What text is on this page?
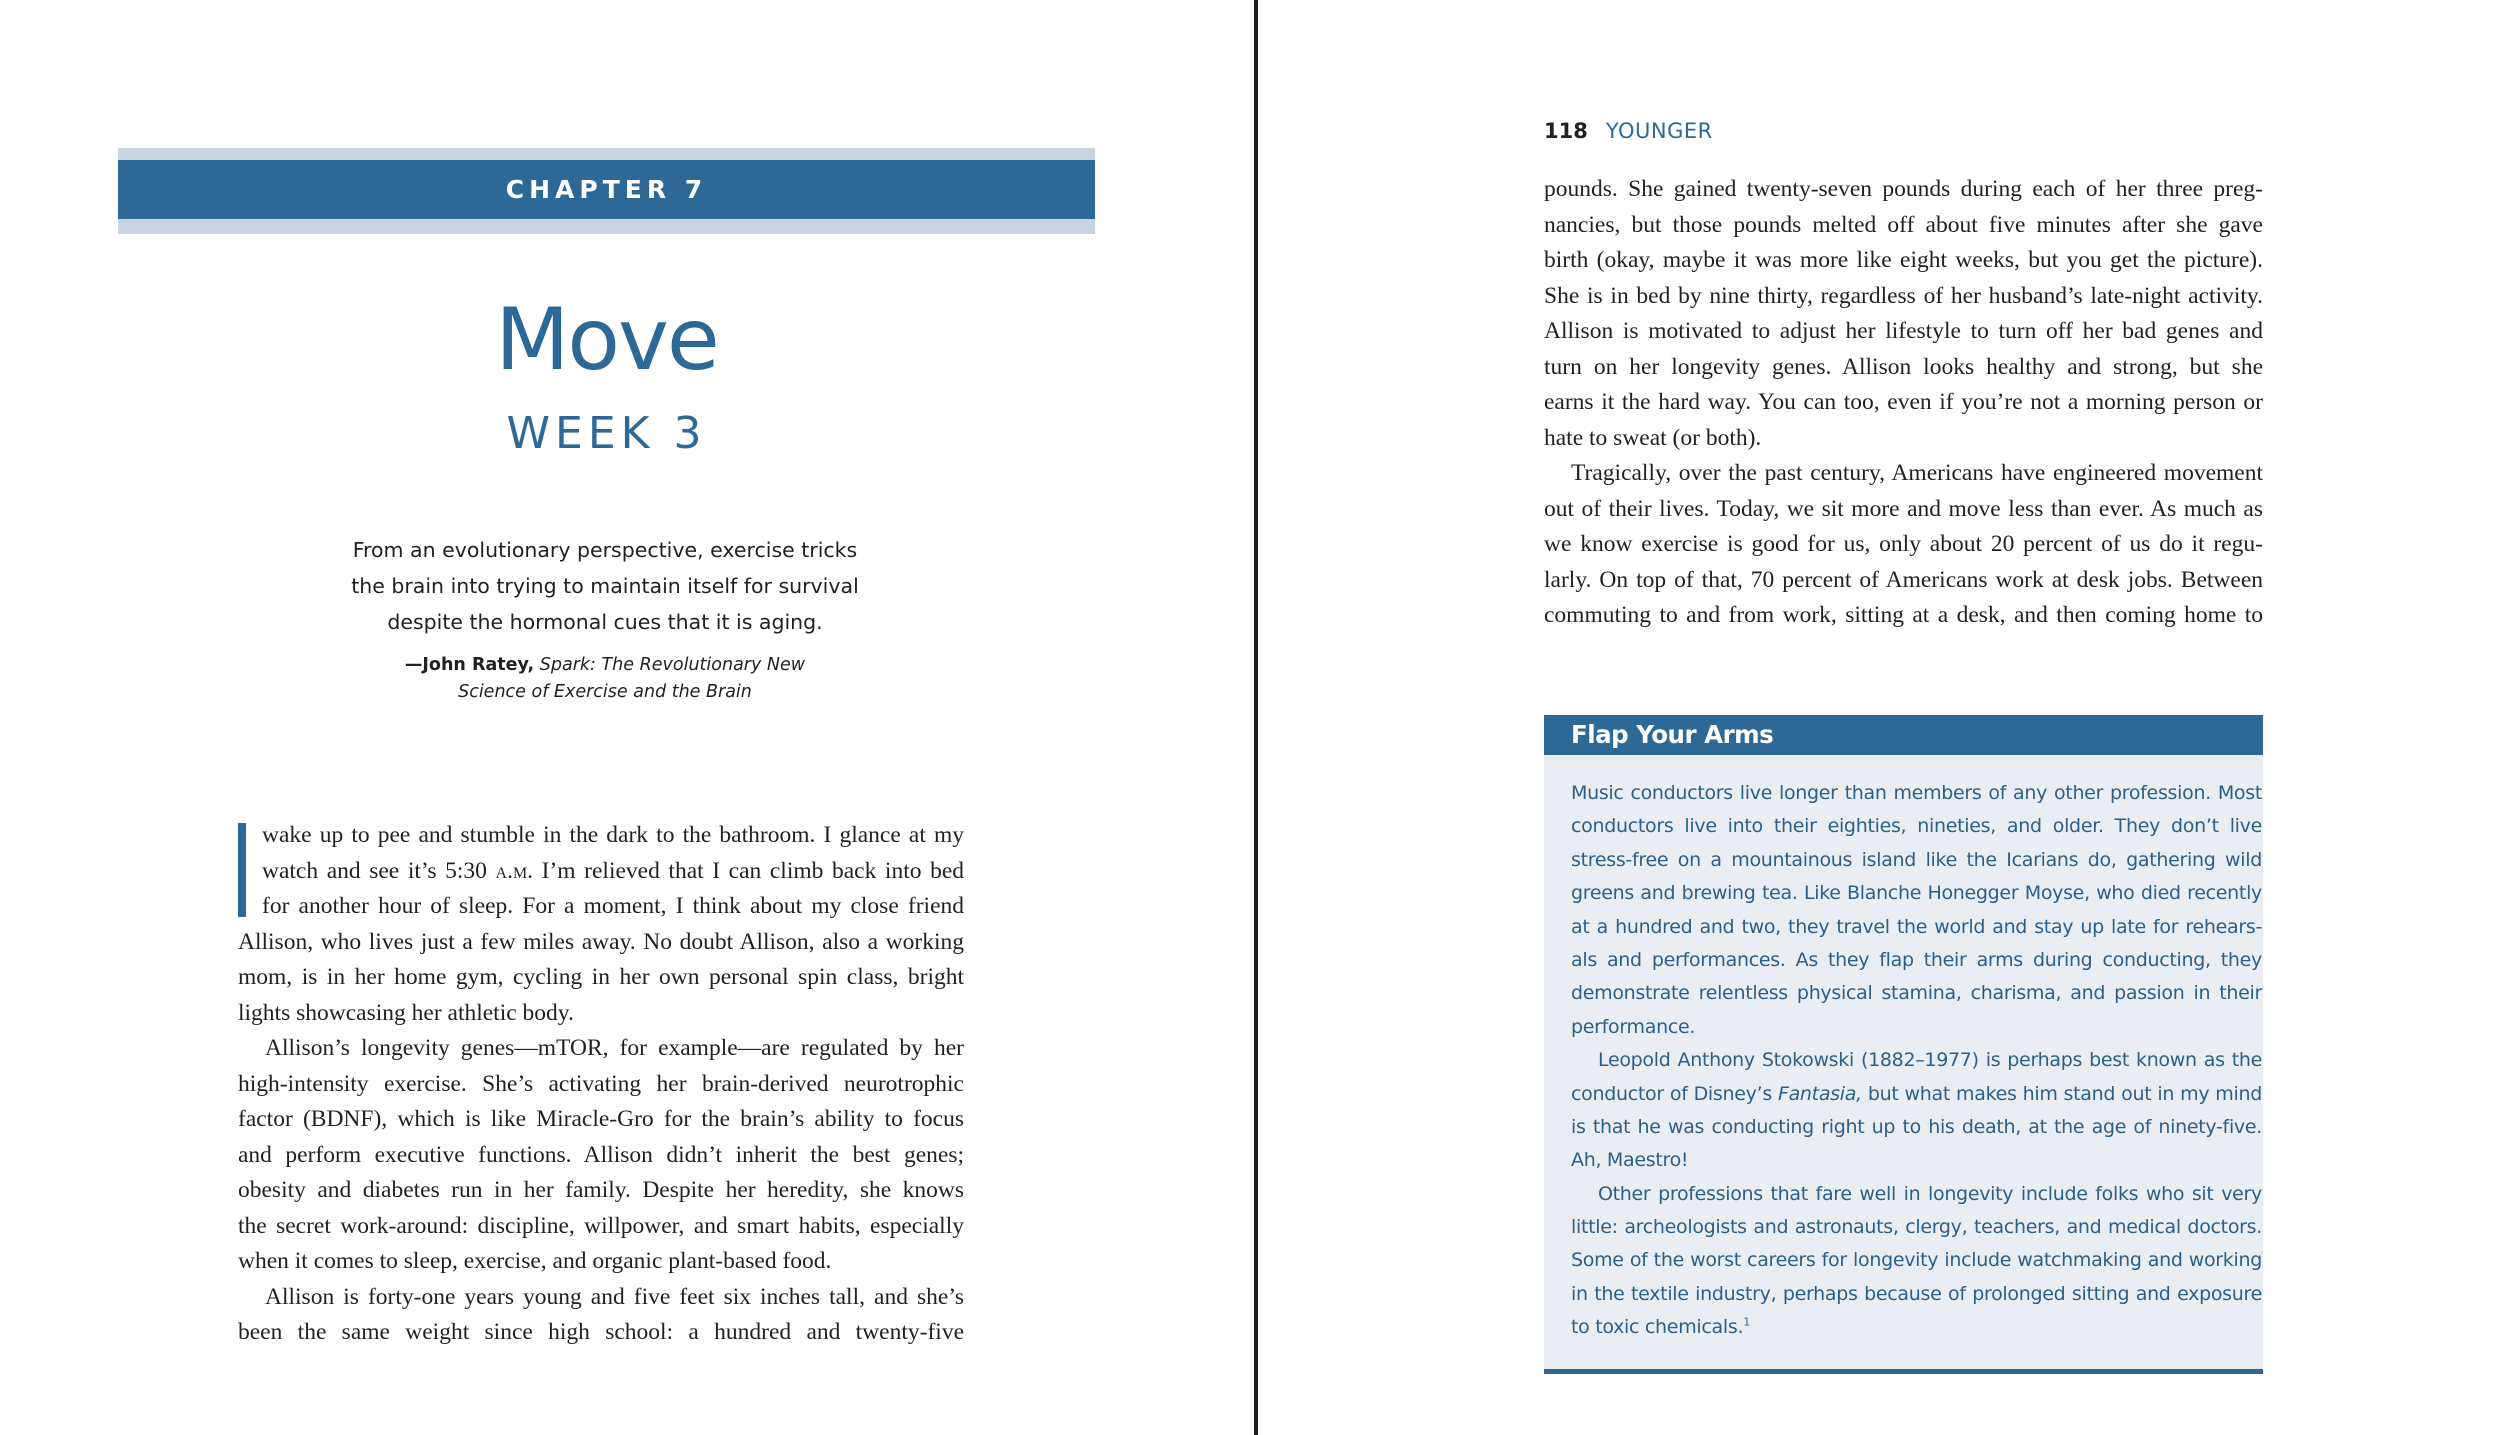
CHAPTER 7
Move
WEEK 3
From an evolutionary perspective, exercise tricks
the brain into trying to maintain itself for survival
despite the hormonal cues that it is aging.
—John Ratey, Spark: The Revolutionary New
Science of Exercise and the Brain
wake up to pee and stumble in the dark to the bathroom. I glance at my
watch and see it’s 5:30 a.m. I’m relieved that I can climb back into bed
for another hour of sleep. For a moment, I think about my close friend
Allison, who lives just a few miles away. No doubt Allison, also a working
mom, is in her home gym, cycling in her own personal spin class, bright
lights showcasing her athletic body.
Allison’s longevity genes—mTOR, for example—are regulated by her
high-intensity exercise. She’s activating her brain-derived neurotrophic
factor (BDNF), which is like Miracle-Gro for the brain’s ability to focus
and perform executive functions. Allison didn’t inherit the best genes;
obesity and diabetes run in her family. Despite her heredity, she knows
the secret work-around: discipline, willpower, and smart habits, especially
when it comes to sleep, exercise, and organic plant-based food.
Allison is forty-one years young and five feet six inches tall, and she’s
been the same weight since high school: a hundred and twenty-five
118 YOUNGER
pounds. She gained twenty-seven pounds during each of her three preg-
nancies, but those pounds melted off about five minutes after she gave
birth (okay, maybe it was more like eight weeks, but you get the picture).
She is in bed by nine thirty, regardless of her husband’s late-night activity.
Allison is motivated to adjust her lifestyle to turn off her bad genes and
turn on her longevity genes. Allison looks healthy and strong, but she
earns it the hard way. You can too, even if you’re not a morning person or
hate to sweat (or both).
Tragically, over the past century, Americans have engineered movement
out of their lives. Today, we sit more and move less than ever. As much as
we know exercise is good for us, only about 20 percent of us do it regu-
larly. On top of that, 70 percent of Americans work at desk jobs. Between
commuting to and from work, sitting at a desk, and then coming home to
Flap Your Arms
Music conductors live longer than members of any other profession. Most
conductors live into their eighties, nineties, and older. They don’t live
stress-free on a mountainous island like the Icarians do, gathering wild
greens and brewing tea. Like Blanche Honegger Moyse, who died recently
at a hundred and two, they travel the world and stay up late for rehears-
als and performances. As they flap their arms during conducting, they
demonstrate relentless physical stamina, charisma, and passion in their
performance.
Leopold Anthony Stokowski (1882–1977) is perhaps best known as the
conductor of Disney’s Fantasia, but what makes him stand out in my mind
is that he was conducting right up to his death, at the age of ninety-five.
Ah, Maestro!
Other professions that fare well in longevity include folks who sit very
little: archeologists and astronauts, clergy, teachers, and medical doctors.
Some of the worst careers for longevity include watchmaking and working
in the textile industry, perhaps because of prolonged sitting and exposure
to toxic chemicals.$^1$
